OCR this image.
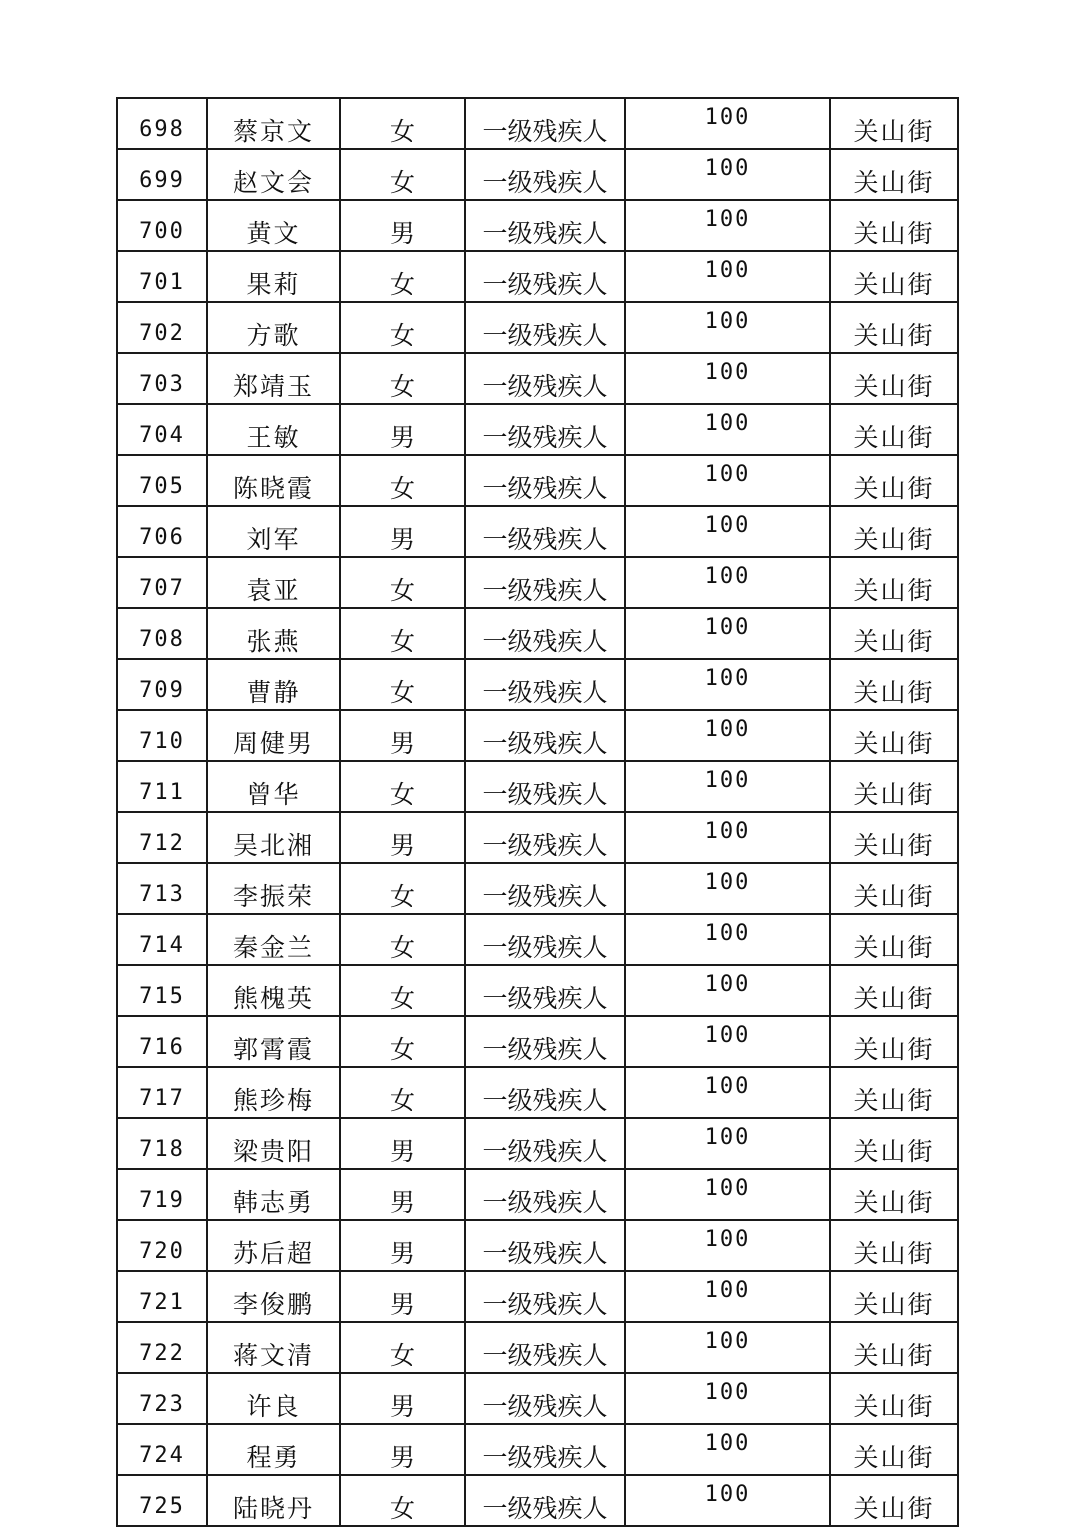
698	蔡京文	女	一级残疾人	100	关山街
699	赵文会	女	一级残疾人	100	关山街
700	黄文	男	一级残疾人	100	关山街
701	果莉	女	一级残疾人	100	关山街
702	方歌	女	一级残疾人	100	关山街
703	郑靖玉	女	一级残疾人	100	关山街
704	王敏	男	一级残疾人	100	关山街
705	陈晓霞	女	一级残疾人	100	关山街
706	刘军	男	一级残疾人	100	关山街
707	袁亚	女	一级残疾人	100	关山街
708	张燕	女	一级残疾人	100	关山街
709	曹静	女	一级残疾人	100	关山街
710	周健男	男	一级残疾人	100	关山街
711	曾华	女	一级残疾人	100	关山街
712	吴北湘	男	一级残疾人	100	关山街
713	李振荣	女	一级残疾人	100	关山街
714	秦金兰	女	一级残疾人	100	关山街
715	熊槐英	女	一级残疾人	100	关山街
716	郭霄霞	女	一级残疾人	100	关山街
717	熊珍梅	女	一级残疾人	100	关山街
718	梁贵阳	男	一级残疾人	100	关山街
719	韩志勇	男	一级残疾人	100	关山街
720	苏后超	男	一级残疾人	100	关山街
721	李俊鹏	男	一级残疾人	100	关山街
722	蒋文清	女	一级残疾人	100	关山街
723	许良	男	一级残疾人	100	关山街
724	程勇	男	一级残疾人	100	关山街
725	陆晓丹	女	一级残疾人	100	关山街
